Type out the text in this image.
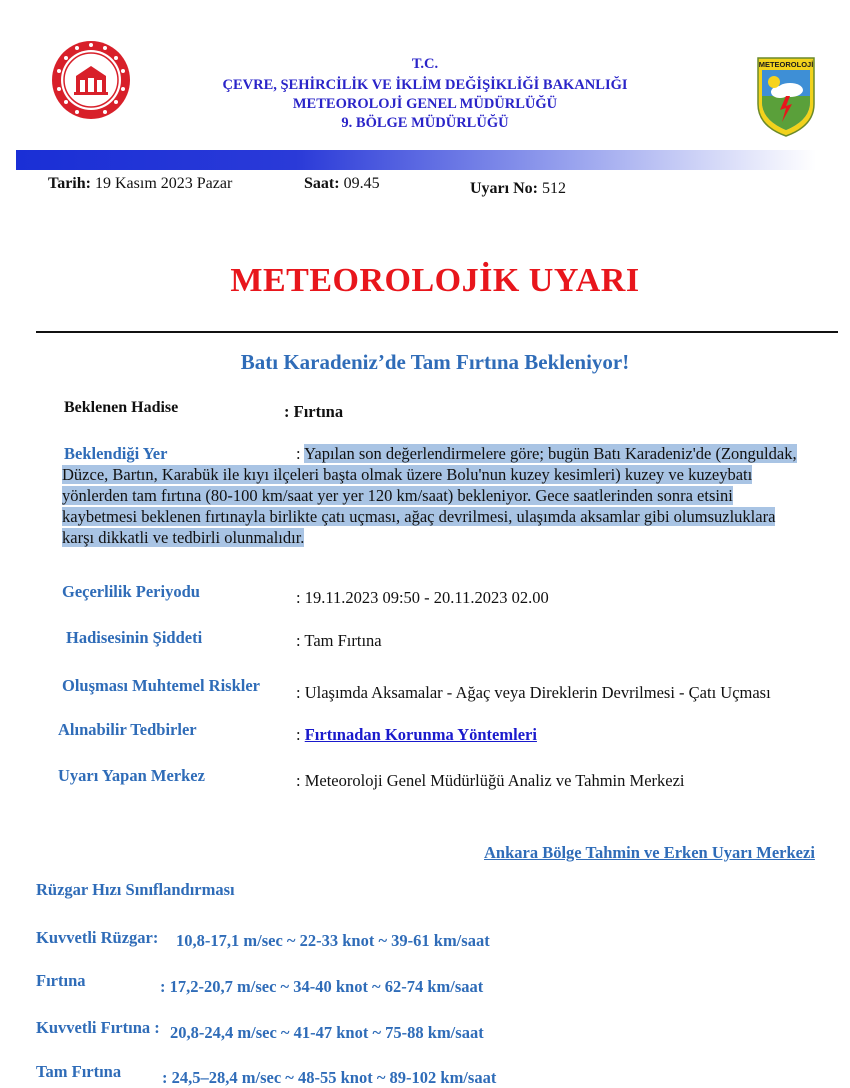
T.C.
ÇEVRE, ŞEHİRCİLİK VE İKLİM DEĞİŞİKLİĞİ BAKANLIĞI
METEOROLOJİ GENEL MÜDÜRLÜĞÜ
9. BÖLGE MÜDÜRLÜĞÜ
METEOROLOJİ
Tarih: 19 Kasım 2023 Pazar	Saat: 09.45	Uyarı No: 512
METEOROLOJİK UYARI
Batı Karadeniz’de Tam Fırtına Bekleniyor!
Beklenen Hadise	: Fırtına
Beklendiği Yer	: Yapılan son değerlendirmelere göre; bugün Batı Karadeniz'de (Zonguldak,
Düzce, Bartın, Karabük ile kıyı ilçeleri başta olmak üzere Bolu'nun kuzey kesimleri) kuzey ve kuzeybatı
yönlerden tam fırtına (80-100 km/saat yer yer 120 km/saat) bekleniyor. Gece saatlerinden sonra etsini
kaybetmesi beklenen fırtınayla birlikte çatı uçması, ağaç devrilmesi, ulaşımda aksamlar gibi olumsuzluklara
karşı dikkatli ve tedbirli olunmalıdır.
Geçerlilik Periyodu	: 19.11.2023 09:50 - 20.11.2023 02.00
Hadisesinin Şiddeti	: Tam Fırtına
Oluşması Muhtemel Riskler : Ulaşımda Aksamalar - Ağaç veya Direklerin Devrilmesi - Çatı Uçması
Alınabilir Tedbirler	: Fırtınadan Korunma Yöntemleri
Uyarı Yapan Merkez	: Meteoroloji Genel Müdürlüğü Analiz ve Tahmin Merkezi
Ankara Bölge Tahmin ve Erken Uyarı Merkezi
Rüzgar Hızı Sınıflandırması
Kuvvetli Rüzgar: 10,8-17,1 m/sec ~ 22-33 knot ~ 39-61 km/saat
Fırtına	: 17,2-20,7 m/sec ~ 34-40 knot ~ 62-74 km/saat
Kuvvetli Fırtına : 20,8-24,4 m/sec ~ 41-47 knot ~ 75-88 km/saat
Tam Fırtına : 24,5–28,4 m/sec ~ 48-55 knot ~ 89-102 km/saat
